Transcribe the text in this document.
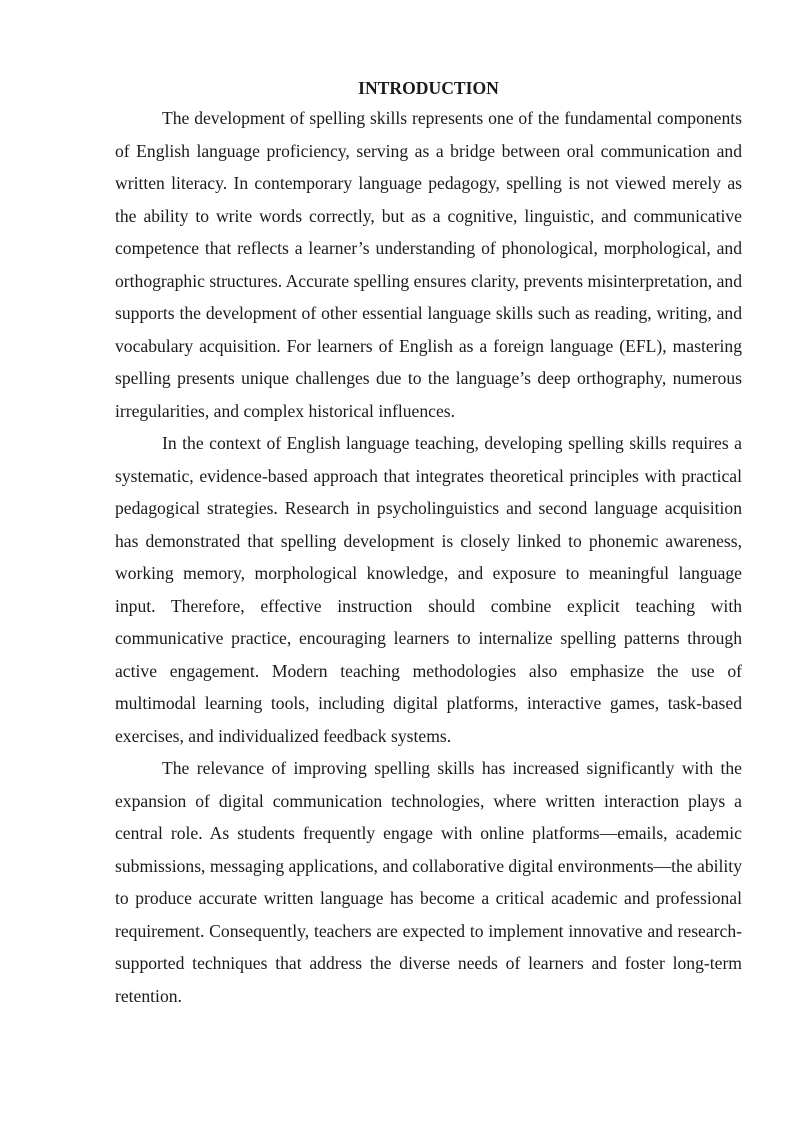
INTRODUCTION

The development of spelling skills represents one of the fundamental components of English language proficiency, serving as a bridge between oral communication and written literacy. In contemporary language pedagogy, spelling is not viewed merely as the ability to write words correctly, but as a cognitive, linguistic, and communicative competence that reflects a learner’s understanding of phonological, morphological, and orthographic structures. Accurate spelling ensures clarity, prevents misinterpretation, and supports the development of other essential language skills such as reading, writing, and vocabulary acquisition. For learners of English as a foreign language (EFL), mastering spelling presents unique challenges due to the language’s deep orthography, numerous irregularities, and complex historical influences.

In the context of English language teaching, developing spelling skills requires a systematic, evidence-based approach that integrates theoretical principles with practical pedagogical strategies. Research in psycholinguistics and second language acquisition has demonstrated that spelling development is closely linked to phonemic awareness, working memory, morphological knowledge, and exposure to meaningful language input. Therefore, effective instruction should combine explicit teaching with communicative practice, encouraging learners to internalize spelling patterns through active engagement. Modern teaching methodologies also emphasize the use of multimodal learning tools, including digital platforms, interactive games, task-based exercises, and individualized feedback systems.

The relevance of improving spelling skills has increased significantly with the expansion of digital communication technologies, where written interaction plays a central role. As students frequently engage with online platforms—emails, academic submissions, messaging applications, and collaborative digital environments—the ability to produce accurate written language has become a critical academic and professional requirement. Consequently, teachers are expected to implement innovative and research-supported techniques that address the diverse needs of learners and foster long-term retention.
